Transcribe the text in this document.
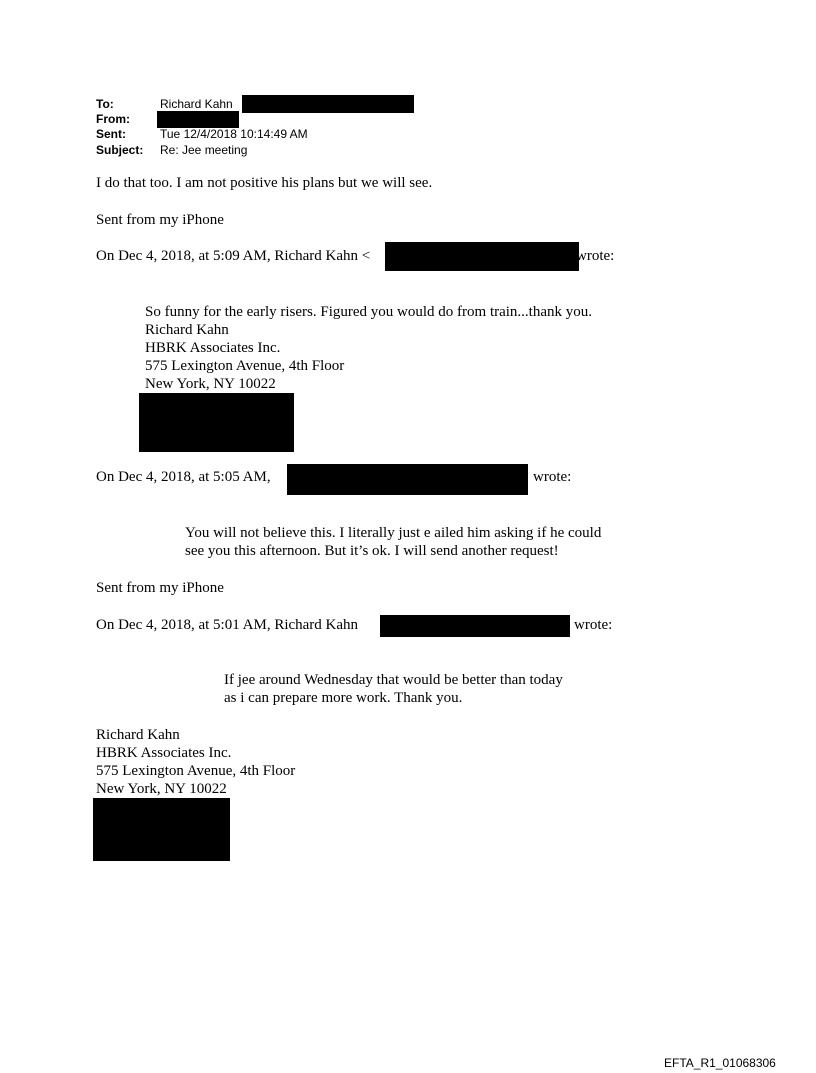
To:	Richard Kahn
From:
Sent:	Tue 12/4/2018 10:14:49 AM
Subject: Re: Jee meeting
I do that too. I am not positive his plans but we will see.
Sent from my iPhone
On Dec 4, 2018, at 5:09 AM, Richard Kahn <	wrote:
So funny for the early risers. Figured you would do from train...thank you.
Richard Kahn
HBRK Associates Inc.
575 Lexington Avenue, 4th Floor
New York, NY 10022
On Dec 4, 2018, at 5:05 AM,	wrote:
You will not believe this. I literally just e ailed him asking if he could
see you this afternoon. But it’s ok. I will send another request!
Sent from my iPhone
On Dec 4, 2018, at 5:01 AM, Richard Kahn	wrote:
If jee around Wednesday that would be better than today
as i can prepare more work. Thank you.
Richard Kahn
HBRK Associates Inc.
575 Lexington Avenue, 4th Floor
New York, NY 10022
EFTA_R1_01068306
